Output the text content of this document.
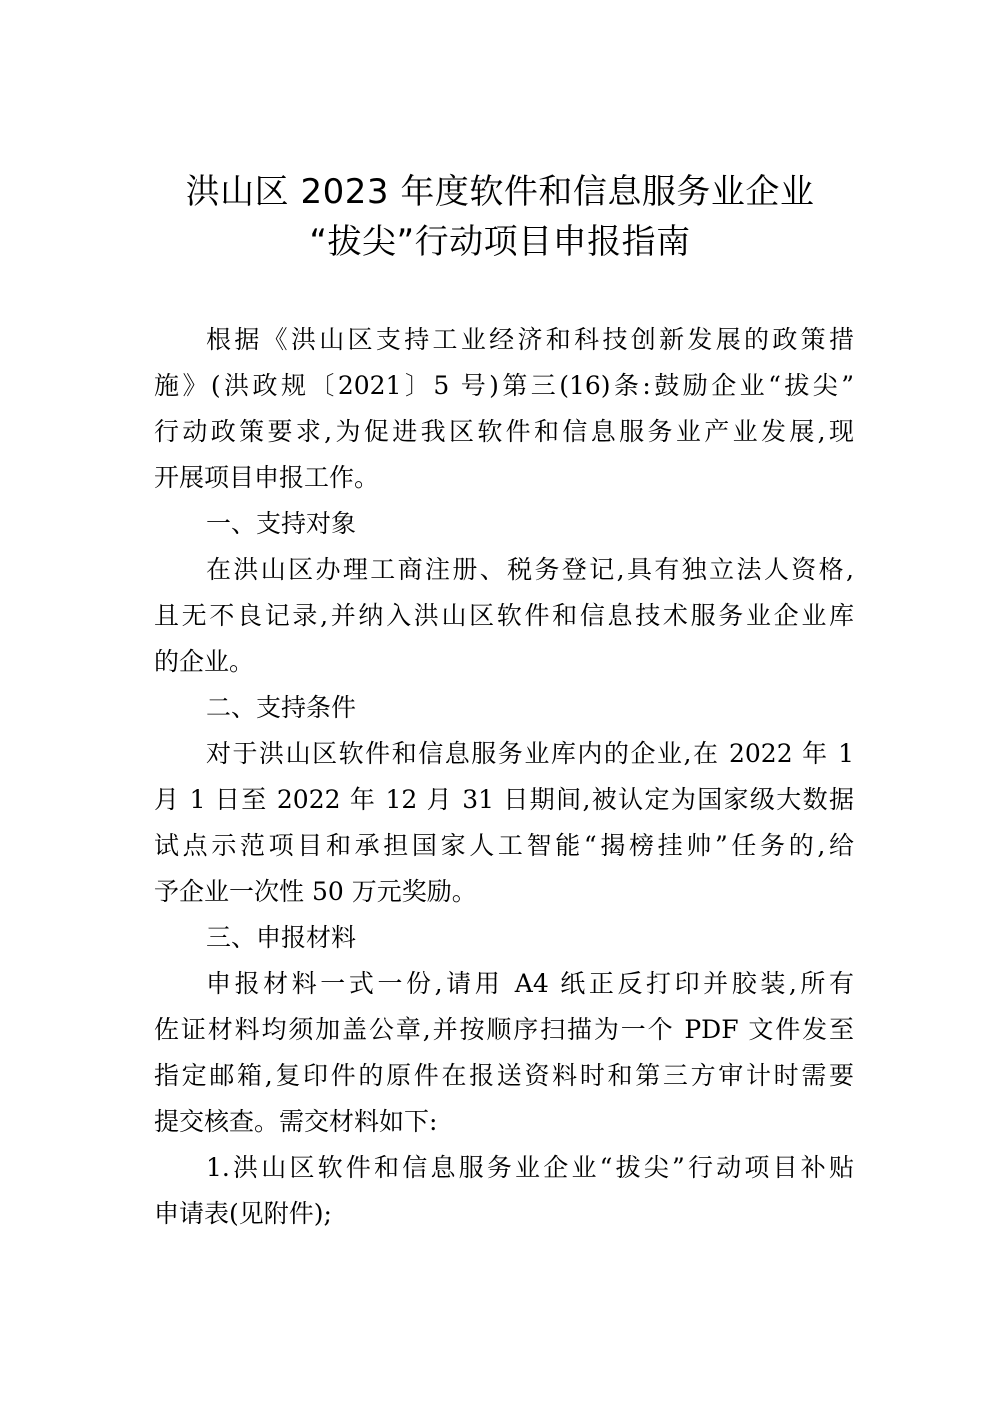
洪山区 2023 年度软件和信息服务业企业
“拔尖”行动项目申报指南
根据《洪山区支持工业经济和科技创新发展的政策措
施》(洪政规〔2021〕5 号)第三(16)条:鼓励企业“拔尖”
行动政策要求,为促进我区软件和信息服务业产业发展,现
开展项目申报工作。
一、支持对象
在洪山区办理工商注册、税务登记,具有独立法人资格,
且无不良记录,并纳入洪山区软件和信息技术服务业企业库
的企业。
二、支持条件
对于洪山区软件和信息服务业库内的企业,在 2022 年 1
月 1 日至 2022 年 12 月 31 日期间,被认定为国家级大数据
试点示范项目和承担国家人工智能“揭榜挂帅”任务的,给
予企业一次性 50 万元奖励。
三、申报材料
申报材料一式一份,请用 A4 纸正反打印并胶装,所有
佐证材料均须加盖公章,并按顺序扫描为一个 PDF 文件发至
指定邮箱,复印件的原件在报送资料时和第三方审计时需要
提交核查。需交材料如下:
1.洪山区软件和信息服务业企业“拔尖”行动项目补贴
申请表(见附件);
